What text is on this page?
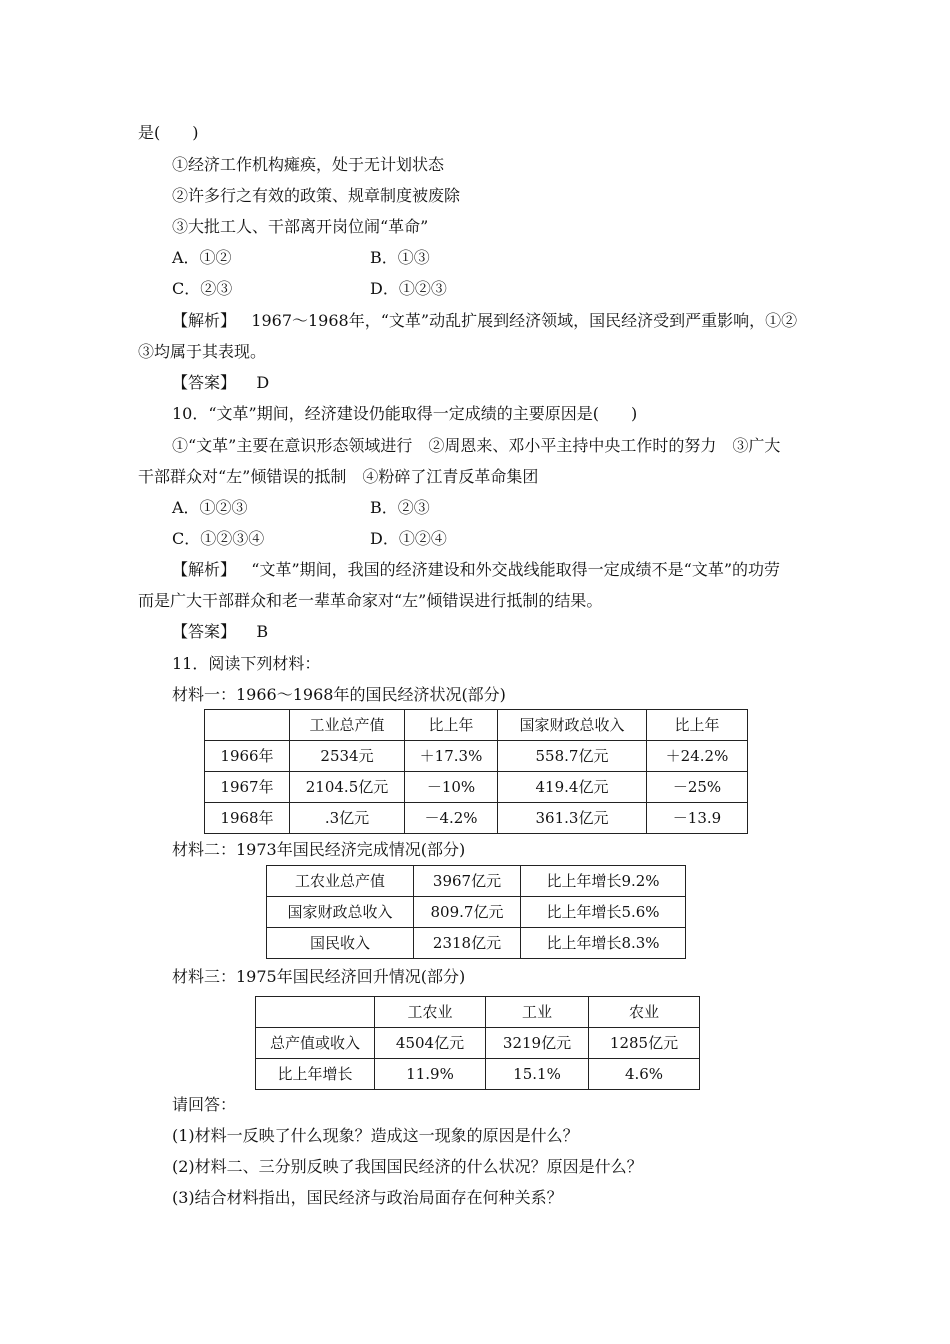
是(　　)
①经济工作机构瘫痪，处于无计划状态
②许多行之有效的政策、规章制度被废除
③大批工人、干部离开岗位闹“革命”
A．①②	B．①③
C．②③	D．①②③
【解析】 1967～1968年，“文革”动乱扩展到经济领域，国民经济受到严重影响，①②
③均属于其表现。
【答案】 D
10．“文革”期间，经济建设仍能取得一定成绩的主要原因是(　　)
①“文革”主要在意识形态领域进行　②周恩来、邓小平主持中央工作时的努力　③广大
干部群众对“左”倾错误的抵制　④粉碎了江青反革命集团
A．①②③	B．②③
C．①②③④	D．①②④
【解析】 “文革”期间，我国的经济建设和外交战线能取得一定成绩不是“文革”的功劳
而是广大干部群众和老一辈革命家对“左”倾错误进行抵制的结果。
【答案】 B
11．阅读下列材料：
材料一：1966～1968年的国民经济状况(部分)
	工业总产值	比上年	国家财政总收入	比上年
1966年	2534元	＋17.3%	558.7亿元	＋24.2%
1967年	2104.5亿元	－10%	419.4亿元	－25%
1968年	.3亿元	－4.2%	361.3亿元	－13.9
材料二：1973年国民经济完成情况(部分)
工农业总产值	3967亿元	比上年增长9.2%
国家财政总收入	809.7亿元	比上年增长5.6%
国民收入	2318亿元	比上年增长8.3%
材料三：1975年国民经济回升情况(部分)
	工农业	工业	农业
总产值或收入	4504亿元	3219亿元	1285亿元
比上年增长	11.9%	15.1%	4.6%
请回答：
(1)材料一反映了什么现象？造成这一现象的原因是什么？
(2)材料二、三分别反映了我国国民经济的什么状况？原因是什么？
(3)结合材料指出，国民经济与政治局面存在何种关系？
